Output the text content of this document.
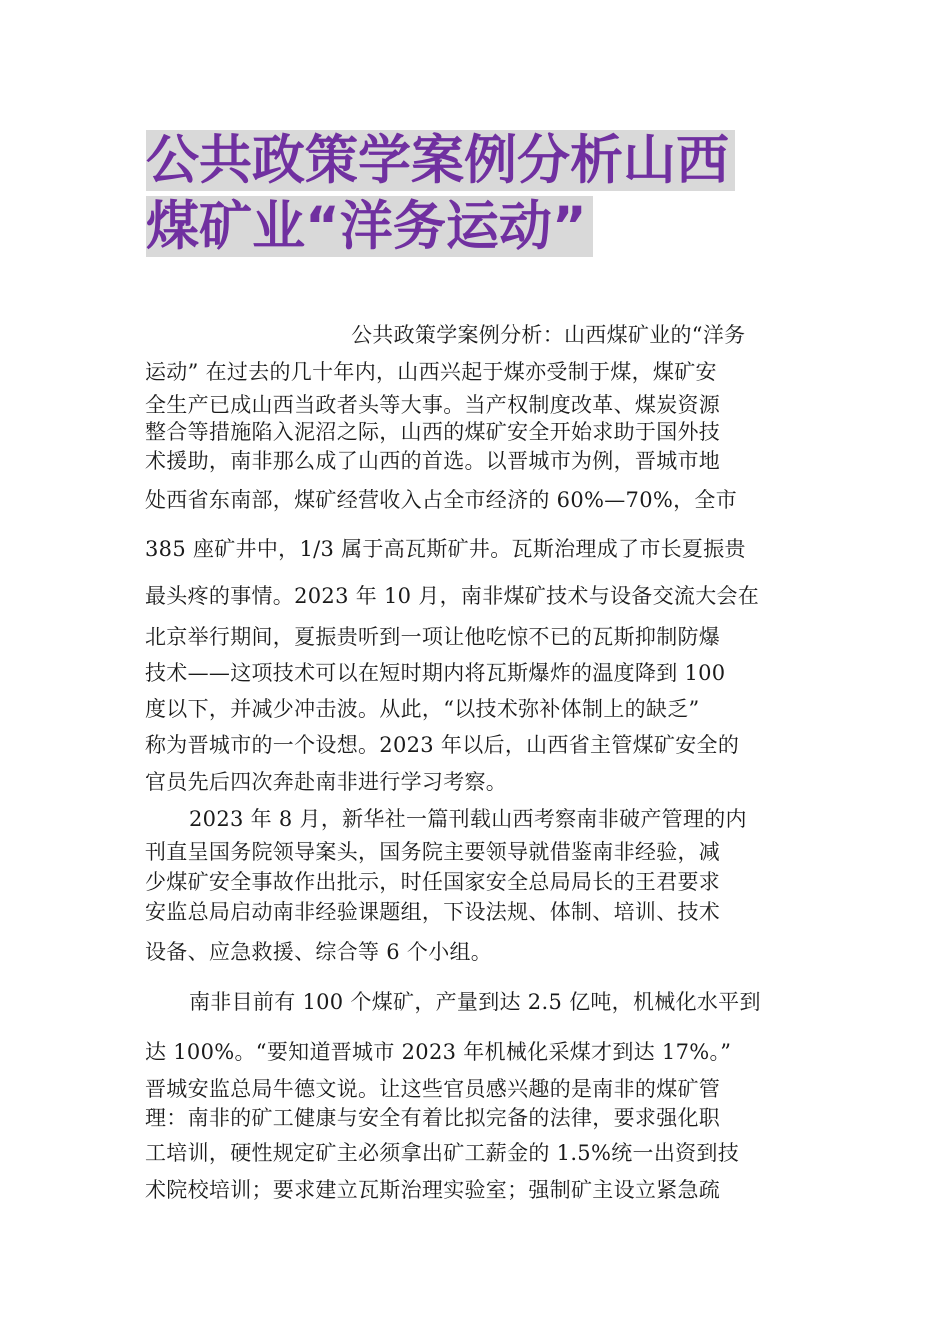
公共政策学案例分析山西
煤矿业“洋务运动”
公共政策学案例分析：山西煤矿业的“洋务
运动” 在过去的几十年内，山西兴起于煤亦受制于煤，煤矿安
全生产已成山西当政者头等大事。当产权制度改革、煤炭资源
整合等措施陷入泥沼之际，山西的煤矿安全开始求助于国外技
术援助，南非那么成了山西的首选。以晋城市为例，晋城市地
处西省东南部，煤矿经营收入占全市经济的 60%—70%，全市
385 座矿井中，1/3 属于高瓦斯矿井。瓦斯治理成了市长夏振贵
最头疼的事情。2023 年 10 月，南非煤矿技术与设备交流大会在
北京举行期间，夏振贵听到一项让他吃惊不已的瓦斯抑制防爆
技术——这项技术可以在短时期内将瓦斯爆炸的温度降到 100
度以下，并减少冲击波。从此，“以技术弥补体制上的缺乏”
称为晋城市的一个设想。2023 年以后，山西省主管煤矿安全的
官员先后四次奔赴南非进行学习考察。
2023 年 8 月，新华社一篇刊载山西考察南非破产管理的内
刊直呈国务院领导案头，国务院主要领导就借鉴南非经验，减
少煤矿安全事故作出批示，时任国家安全总局局长的王君要求
安监总局启动南非经验课题组，下设法规、体制、培训、技术
设备、应急救援、综合等 6 个小组。
南非目前有 100 个煤矿，产量到达 2.5 亿吨，机械化水平到
达 100%。“要知道晋城市 2023 年机械化采煤才到达 17%。”
晋城安监总局牛德文说。让这些官员感兴趣的是南非的煤矿管
理：南非的矿工健康与安全有着比拟完备的法律，要求强化职
工培训，硬性规定矿主必须拿出矿工薪金的 1.5%统一出资到技
术院校培训；要求建立瓦斯治理实验室；强制矿主设立紧急疏
